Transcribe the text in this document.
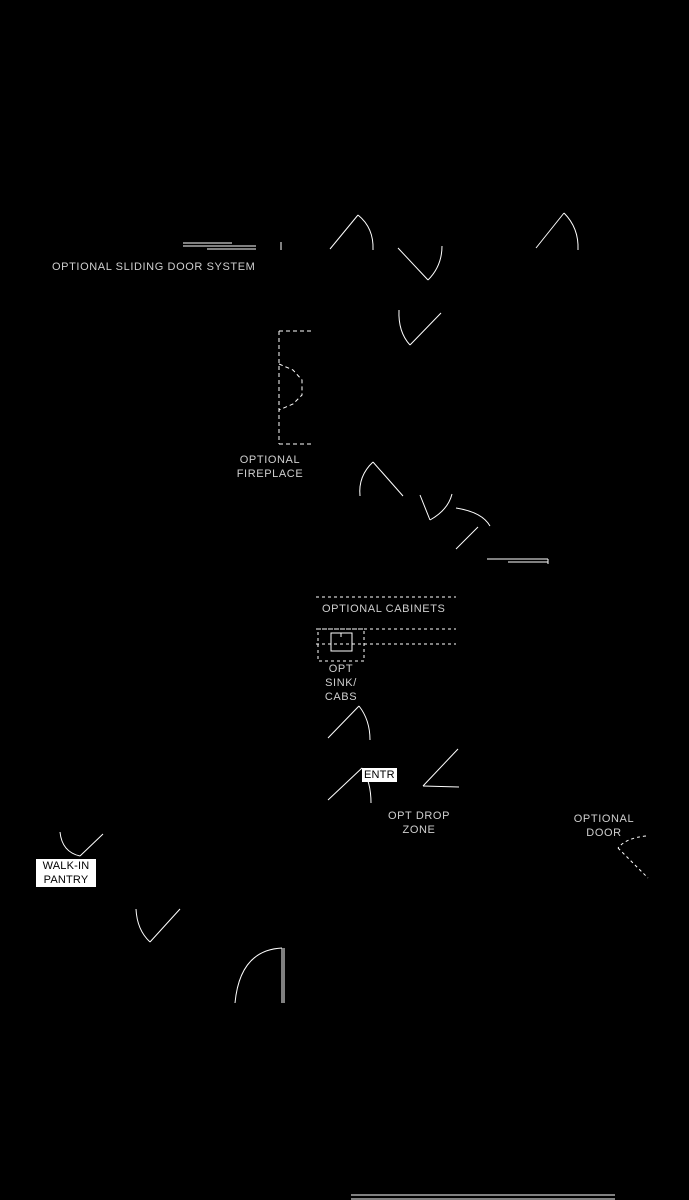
OPTIONAL SLIDING DOOR SYSTEM
OPTIONAL
FIREPLACE
OPTIONAL CABINETS
OPT
SINK/
CABS
ENTR
OPT DROP
ZONE
OPTIONAL
DOOR
WALK-IN
PANTRY
